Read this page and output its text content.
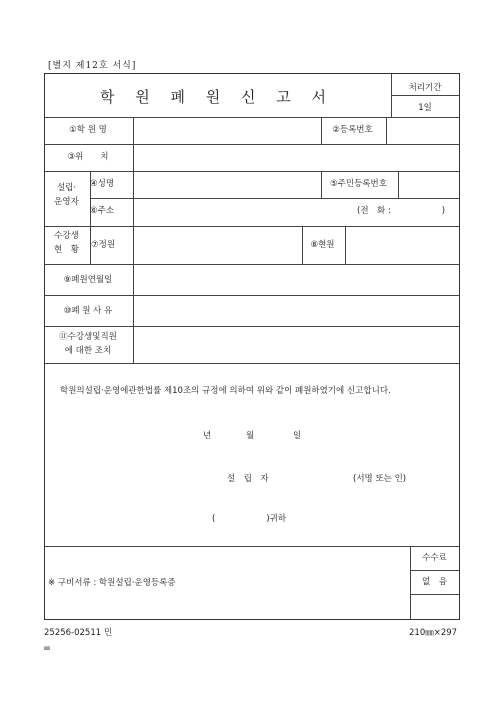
[별지 제12호 서식]
학 원 폐 원 신 고 서	처리기간
1일
①학 원 명	②등록번호
③위　　치
설립·
운영자
④성명	⑤주민등록번호
⑥주소	(전　화 :　　　　　　)
수강생
현　황	⑦정원	⑧현원
⑨폐원연월일
⑩폐 원 사 유
⑪수강생및직원
에 대한 조치
학원의설립·운영에관한법률 제10조의 규정에 의하여 위와 같이 폐원하였기에 신고합니다.
년	월	일
설　립　자	(서명 또는 인)
(　　　　　　)귀하
※ 구비서류 : 학원설립·운영등록증
수수료
없　음
25256-02511 민	210㎜×297
㎜
